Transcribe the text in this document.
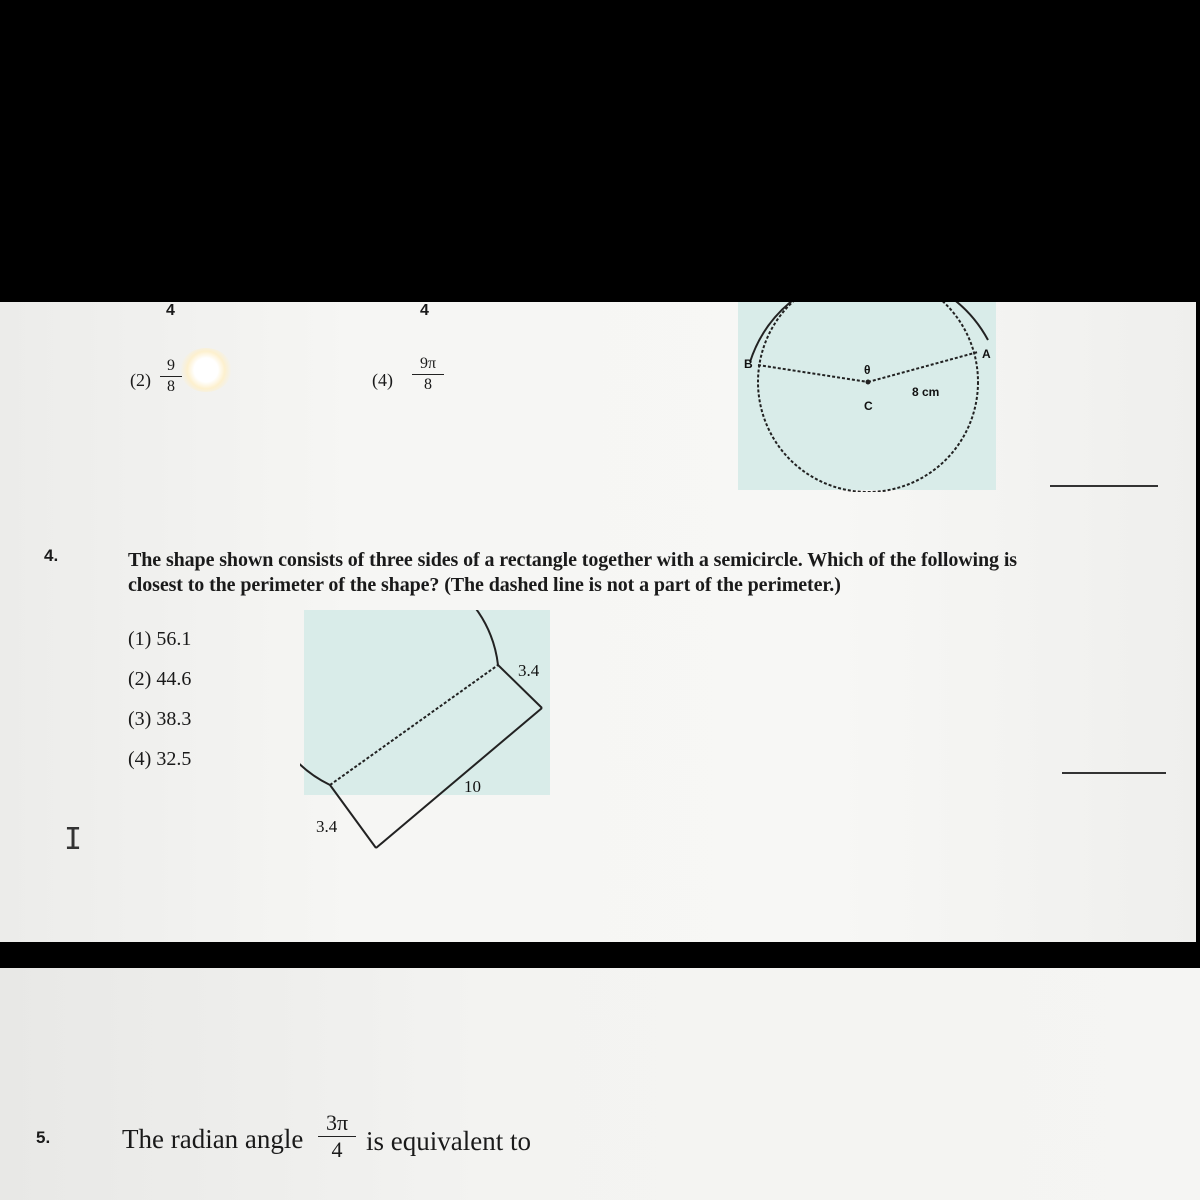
4	4
$(2) \frac{9}{8}$	$(4) \frac{9\pi}{8}$	B
A
θ
C
8 cm
4.	The shape shown consists of three sides of a rectangle together with a semicircle. Which of the following is
closest to the perimeter of the shape? (The dashed line is not a part of the perimeter.)
(1) 56.1
(2) 44.6
(3) 38.3
(4) 32.5
3.4
10
3.4
I
5.	The radian angle $\frac{3\pi}{4}$ is equivalent to
